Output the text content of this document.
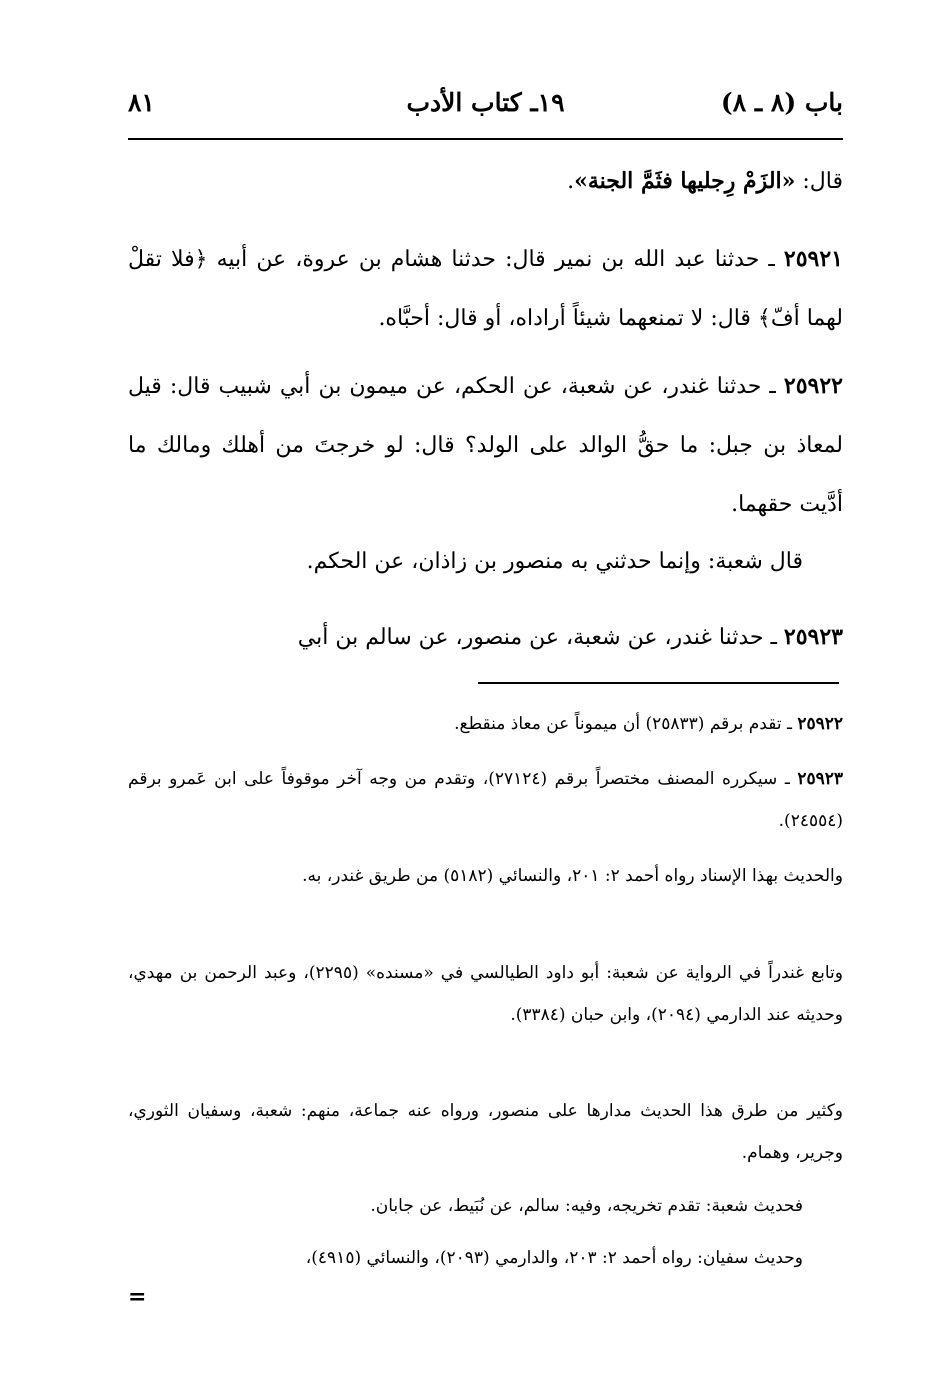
باب (٨ ـ ٨)
١٩ـ كتاب الأدب
٨١
قال: «الزَمْ رِجليها فثَمَّ الجنة».
٢٥٩٢١ ـ حدثنا عبد الله بن نمير قال: حدثنا هشام بن عروة، عن أبيه ﴿فلا تقلْ لهما أفّ﴾ قال: لا تمنعهما شيئاً أراداه، أو قال: أحبَّاه.
٢٥٩٢٢ ـ حدثنا غندر، عن شعبة، عن الحكم، عن ميمون بن أبي شبيب قال: قيل لمعاذ بن جبل: ما حقُّ الوالد على الولد؟ قال: لو خرجتَ من أهلك ومالك ما أدَّيت حقهما.
قال شعبة: وإنما حدثني به منصور بن زاذان، عن الحكم.
٢٥٩٢٣ ـ حدثنا غندر، عن شعبة، عن منصور، عن سالم بن أبي
٢٥٩٢٢ ـ تقدم برقم (٢٥٨٣٣) أن ميموناً عن معاذ منقطع.
٢٥٩٢٣ ـ سيكرره المصنف مختصراً برقم (٢٧١٢٤)، وتقدم من وجه آخر موقوفاً على ابن عَمرو برقم (٢٤٥٥٤).
والحديث بهذا الإسناد رواه أحمد ٢: ٢٠١، والنسائي (٥١٨٢) من طريق غندر، به.
وتابع غندراً في الرواية عن شعبة: أبو داود الطيالسي في «مسنده» (٢٢٩٥)، وعبد الرحمن بن مهدي، وحديثه عند الدارمي (٢٠٩٤)، وابن حبان (٣٣٨٤).
وكثير من طرق هذا الحديث مدارها على منصور، ورواه عنه جماعة، منهم: شعبة، وسفيان الثوري، وجرير، وهمام.
فحديث شعبة: تقدم تخريجه، وفيه: سالم، عن نُبَيط، عن جابان.
وحديث سفيان: رواه أحمد ٢: ٢٠٣، والدارمي (٢٠٩٣)، والنسائي (٤٩١٥)،
=
